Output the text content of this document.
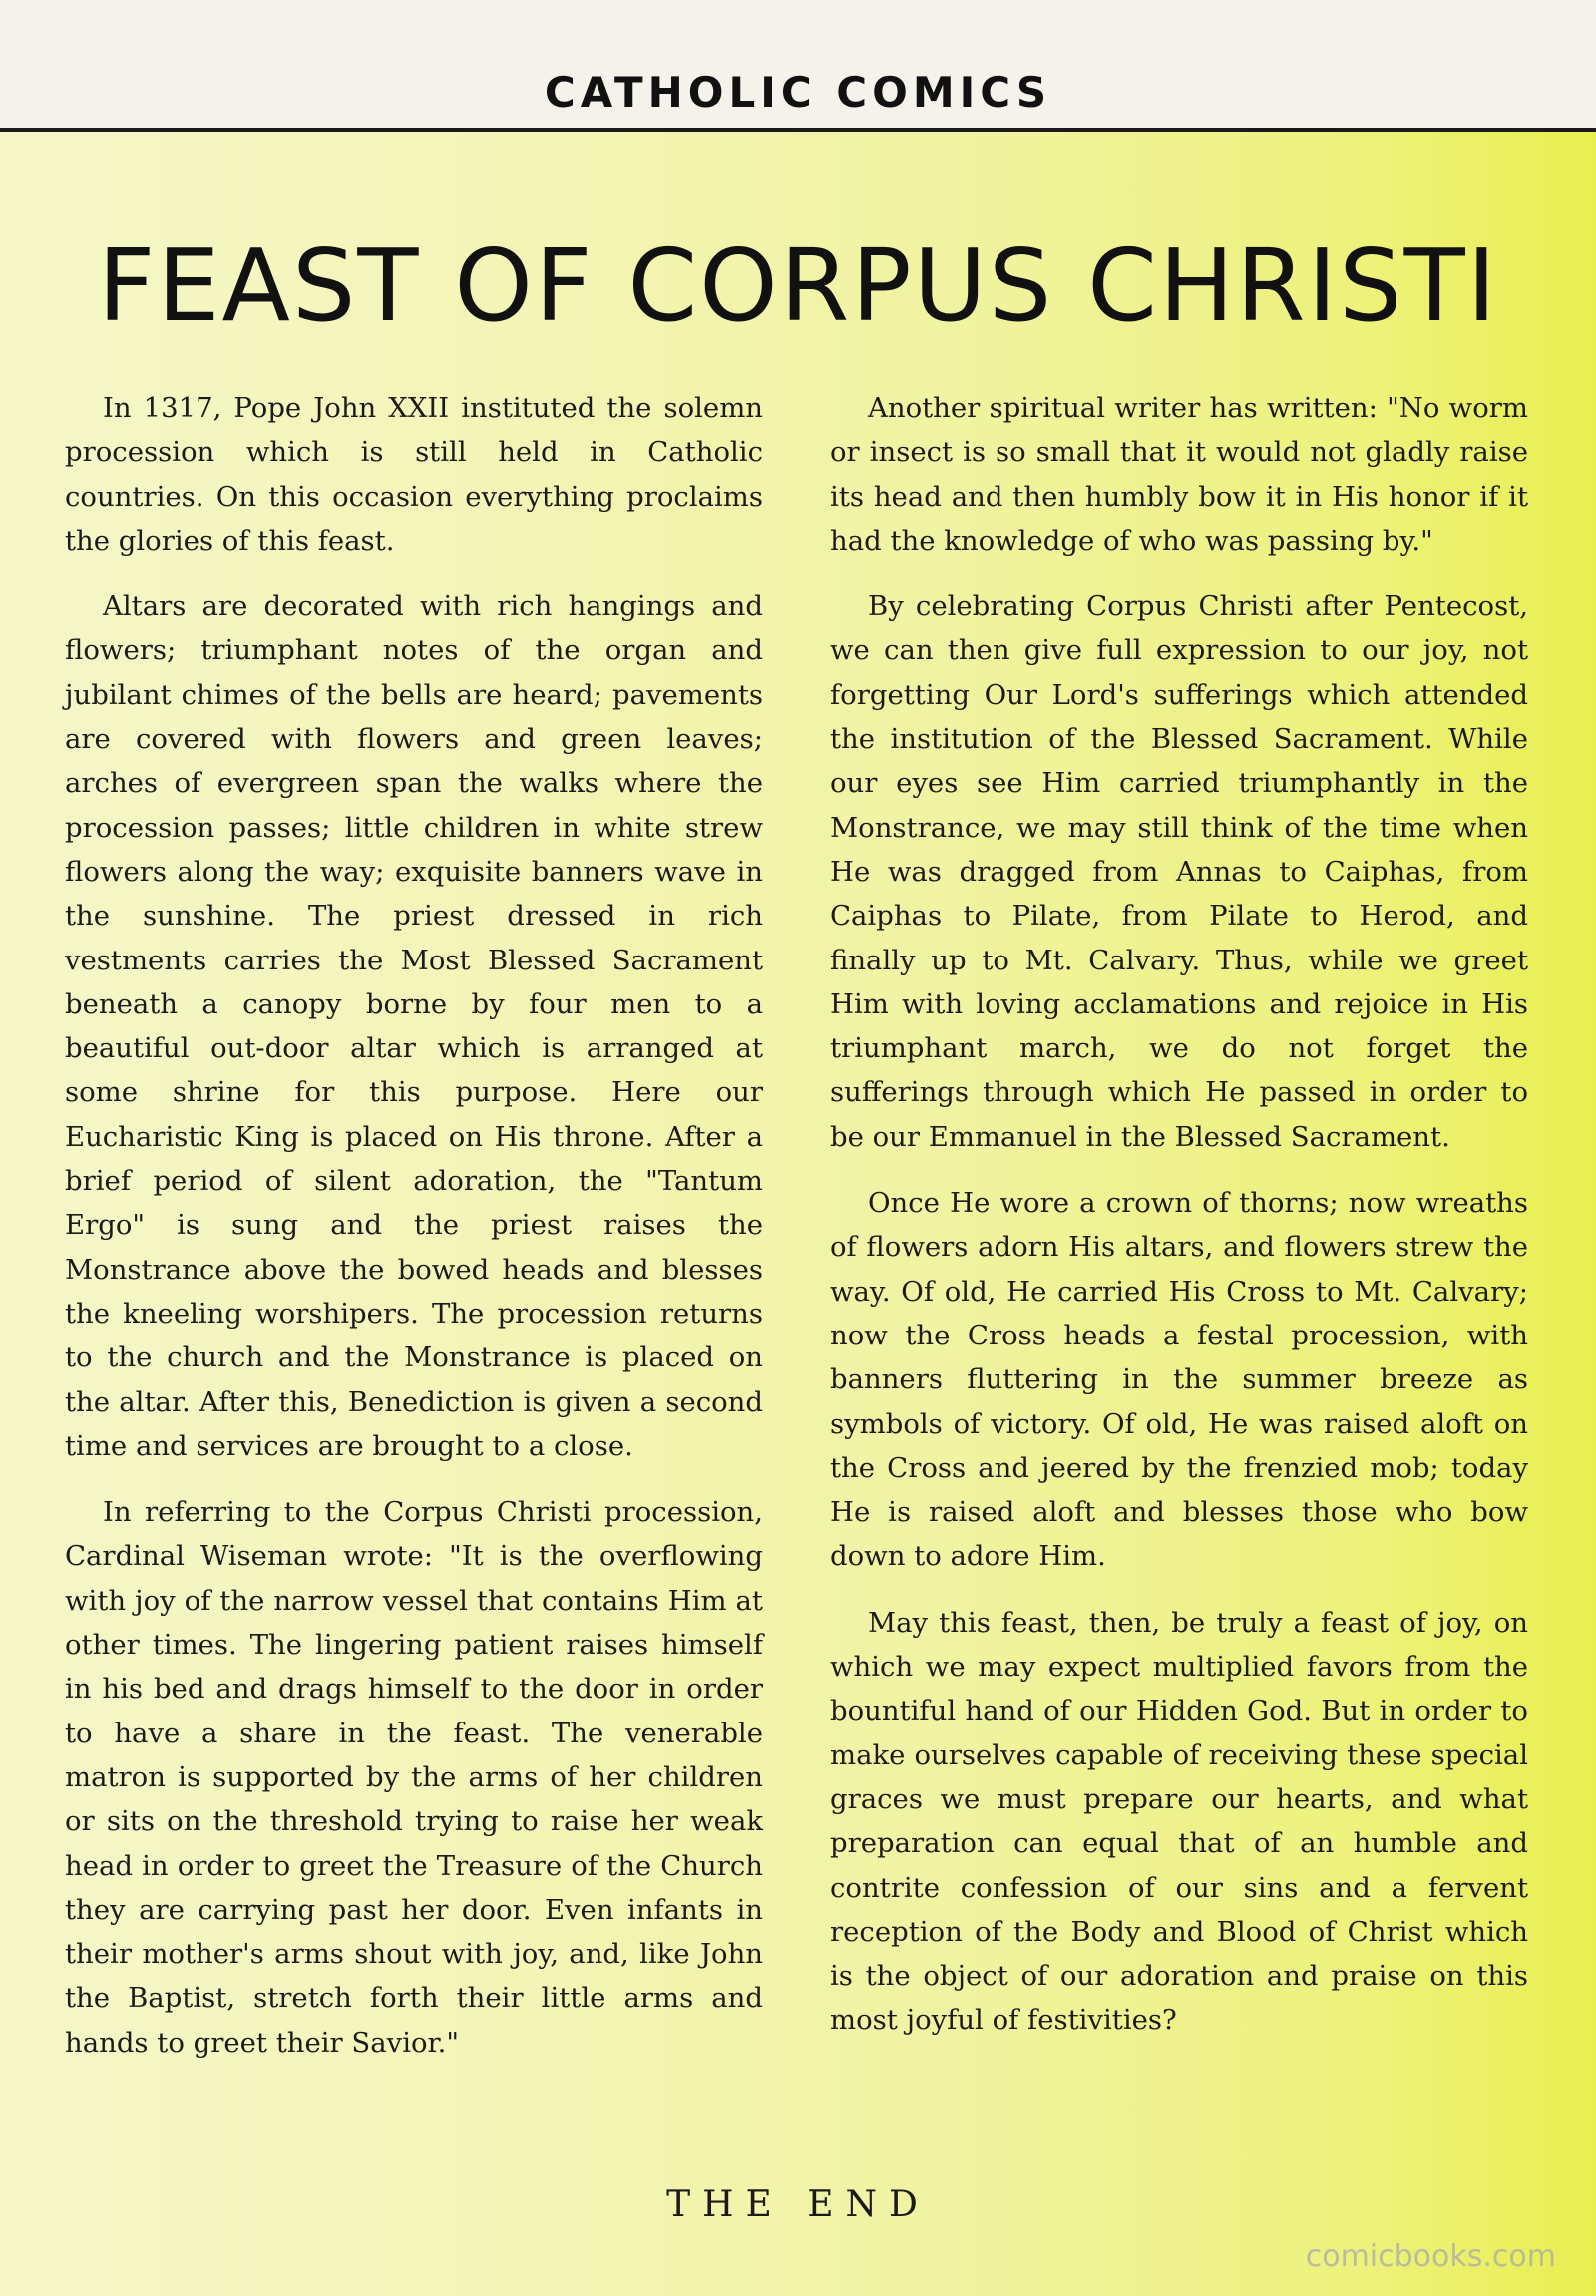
CATHOLIC COMICS
FEAST OF CORPUS CHRISTI

In 1317, Pope John XXII instituted the solemn procession which is still held in Catholic countries. On this occasion everything proclaims the glories of this feast.

Altars are decorated with rich hangings and flowers; triumphant notes of the organ and jubilant chimes of the bells are heard; pavements are covered with flowers and green leaves; arches of evergreen span the walks where the procession passes; little children in white strew flowers along the way; exquisite banners wave in the sunshine. The priest dressed in rich vestments carries the Most Blessed Sacrament beneath a canopy borne by four men to a beautiful out-door altar which is arranged at some shrine for this purpose. Here our Eucharistic King is placed on His throne. After a brief period of silent adoration, the "Tantum Ergo" is sung and the priest raises the Monstrance above the bowed heads and blesses the kneeling worshipers. The procession returns to the church and the Monstrance is placed on the altar. After this, Benediction is given a second time and services are brought to a close.

In referring to the Corpus Christi procession, Cardinal Wiseman wrote: "It is the overflowing with joy of the narrow vessel that contains Him at other times. The lingering patient raises himself in his bed and drags himself to the door in order to have a share in the feast. The venerable matron is supported by the arms of her children or sits on the threshold trying to raise her weak head in order to greet the Treasure of the Church they are carrying past her door. Even infants in their mother's arms shout with joy, and, like John the Baptist, stretch forth their little arms and hands to greet their Savior."

Another spiritual writer has written: "No worm or insect is so small that it would not gladly raise its head and then humbly bow it in His honor if it had the knowledge of who was passing by."

By celebrating Corpus Christi after Pentecost, we can then give full expression to our joy, not forgetting Our Lord's sufferings which attended the institution of the Blessed Sacrament. While our eyes see Him carried triumphantly in the Monstrance, we may still think of the time when He was dragged from Annas to Caiphas, from Caiphas to Pilate, from Pilate to Herod, and finally up to Mt. Calvary. Thus, while we greet Him with loving acclamations and rejoice in His triumphant march, we do not forget the sufferings through which He passed in order to be our Emmanuel in the Blessed Sacrament.

Once He wore a crown of thorns; now wreaths of flowers adorn His altars, and flowers strew the way. Of old, He carried His Cross to Mt. Calvary; now the Cross heads a festal procession, with banners fluttering in the summer breeze as symbols of victory. Of old, He was raised aloft on the Cross and jeered by the frenzied mob; today He is raised aloft and blesses those who bow down to adore Him.

May this feast, then, be truly a feast of joy, on which we may expect multiplied favors from the bountiful hand of our Hidden God. But in order to make ourselves capable of receiving these special graces we must prepare our hearts, and what preparation can equal that of an humble and contrite confession of our sins and a fervent reception of the Body and Blood of Christ which is the object of our adoration and praise on this most joyful of festivities?

THE END
comicbooks.com
